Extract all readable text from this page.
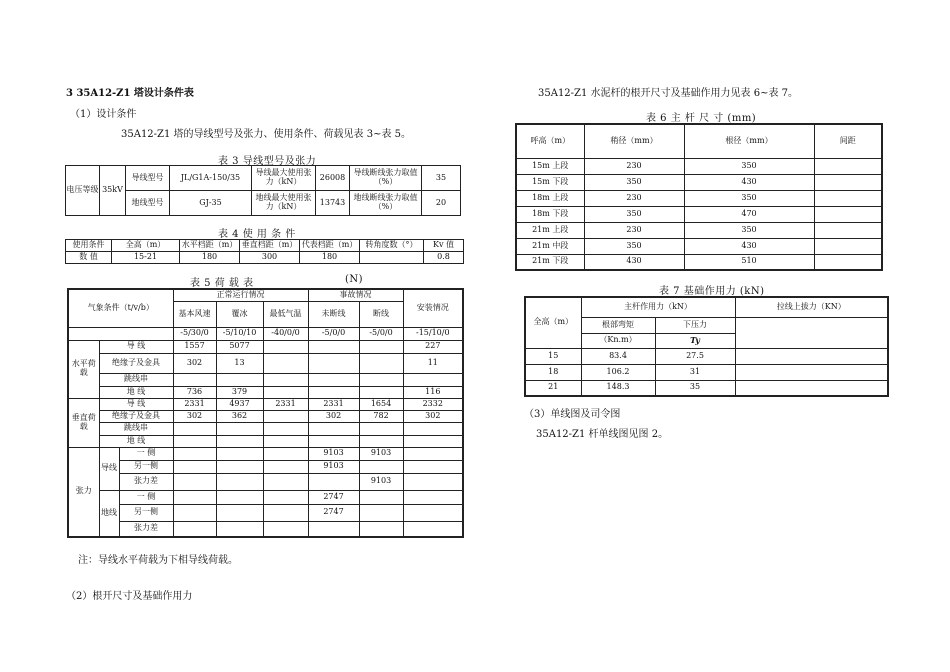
3 35A12-Z1 塔设计条件表
（1）设计条件
35A12-Z1 塔的导线型号及张力、使用条件、荷载见表 3~表 5。
表 3 导线型号及张力
电压等级	35kV	导线型号	JL/G1A-150/35	导线最大使用张力（kN）	26008	导线断线张力取值（%）	35
		地线型号	GJ-35	地线最大使用张力（kN）	13743	地线断线张力取值（%）	20
表 4 使 用 条 件
使用条件	全高（m）	水平档距（m）	垂直档距（m）	代表档距（m）	转角度数（°）	Kv 值
数 值	15-21	180	300	180		0.8
表 5 荷 载 表	(N)
气象条件（t/v/b）			正常运行情况			事故情况		安装情况
			基本风速	覆冰	最低气温	未断线	断线	
			-5/30/0	-5/10/10	-40/0/0	-5/0/0	-5/0/0	-15/10/0
水平荷载	导 线		1557	5077				227
	绝缘子及金具		302	13				11
	跳线串							
	地 线		736	379				116
垂直荷载	导 线		2331	4937	2331	2331	1654	2332
	绝缘子及金具		302	362		302	782	302
	跳线串							
	地 线							
张力	导线	一 侧				9103	9103	
		另一侧				9103		
		张力差					9103	
	地线	一 侧				2747		
		另一侧				2747		
		张力差						
注：导线水平荷载为下相导线荷载。
（2）根开尺寸及基础作用力
35A12-Z1 水泥杆的根开尺寸及基础作用力见表 6~表 7。
表 6 主 杆 尺 寸 (mm)
呼高（m）	稍径（mm）	根径（mm）	间距
15m 上段	230	350	
15m 下段	350	430	
18m 上段	230	350	
18m 下段	350	470	
21m 上段	230	350	
21m 中段	350	430	
21m 下段	430	510	
表 7 基础作用力 (kN)
全高（m）	主杆作用力（kN）		拉线上拔力（KN）
	根部弯矩	下压力	
	（Kn.m）	Ty	
15	83.4	27.5	
18	106.2	31	
21	148.3	35	
（3）单线图及司令图
35A12-Z1 杆单线图见图 2。
